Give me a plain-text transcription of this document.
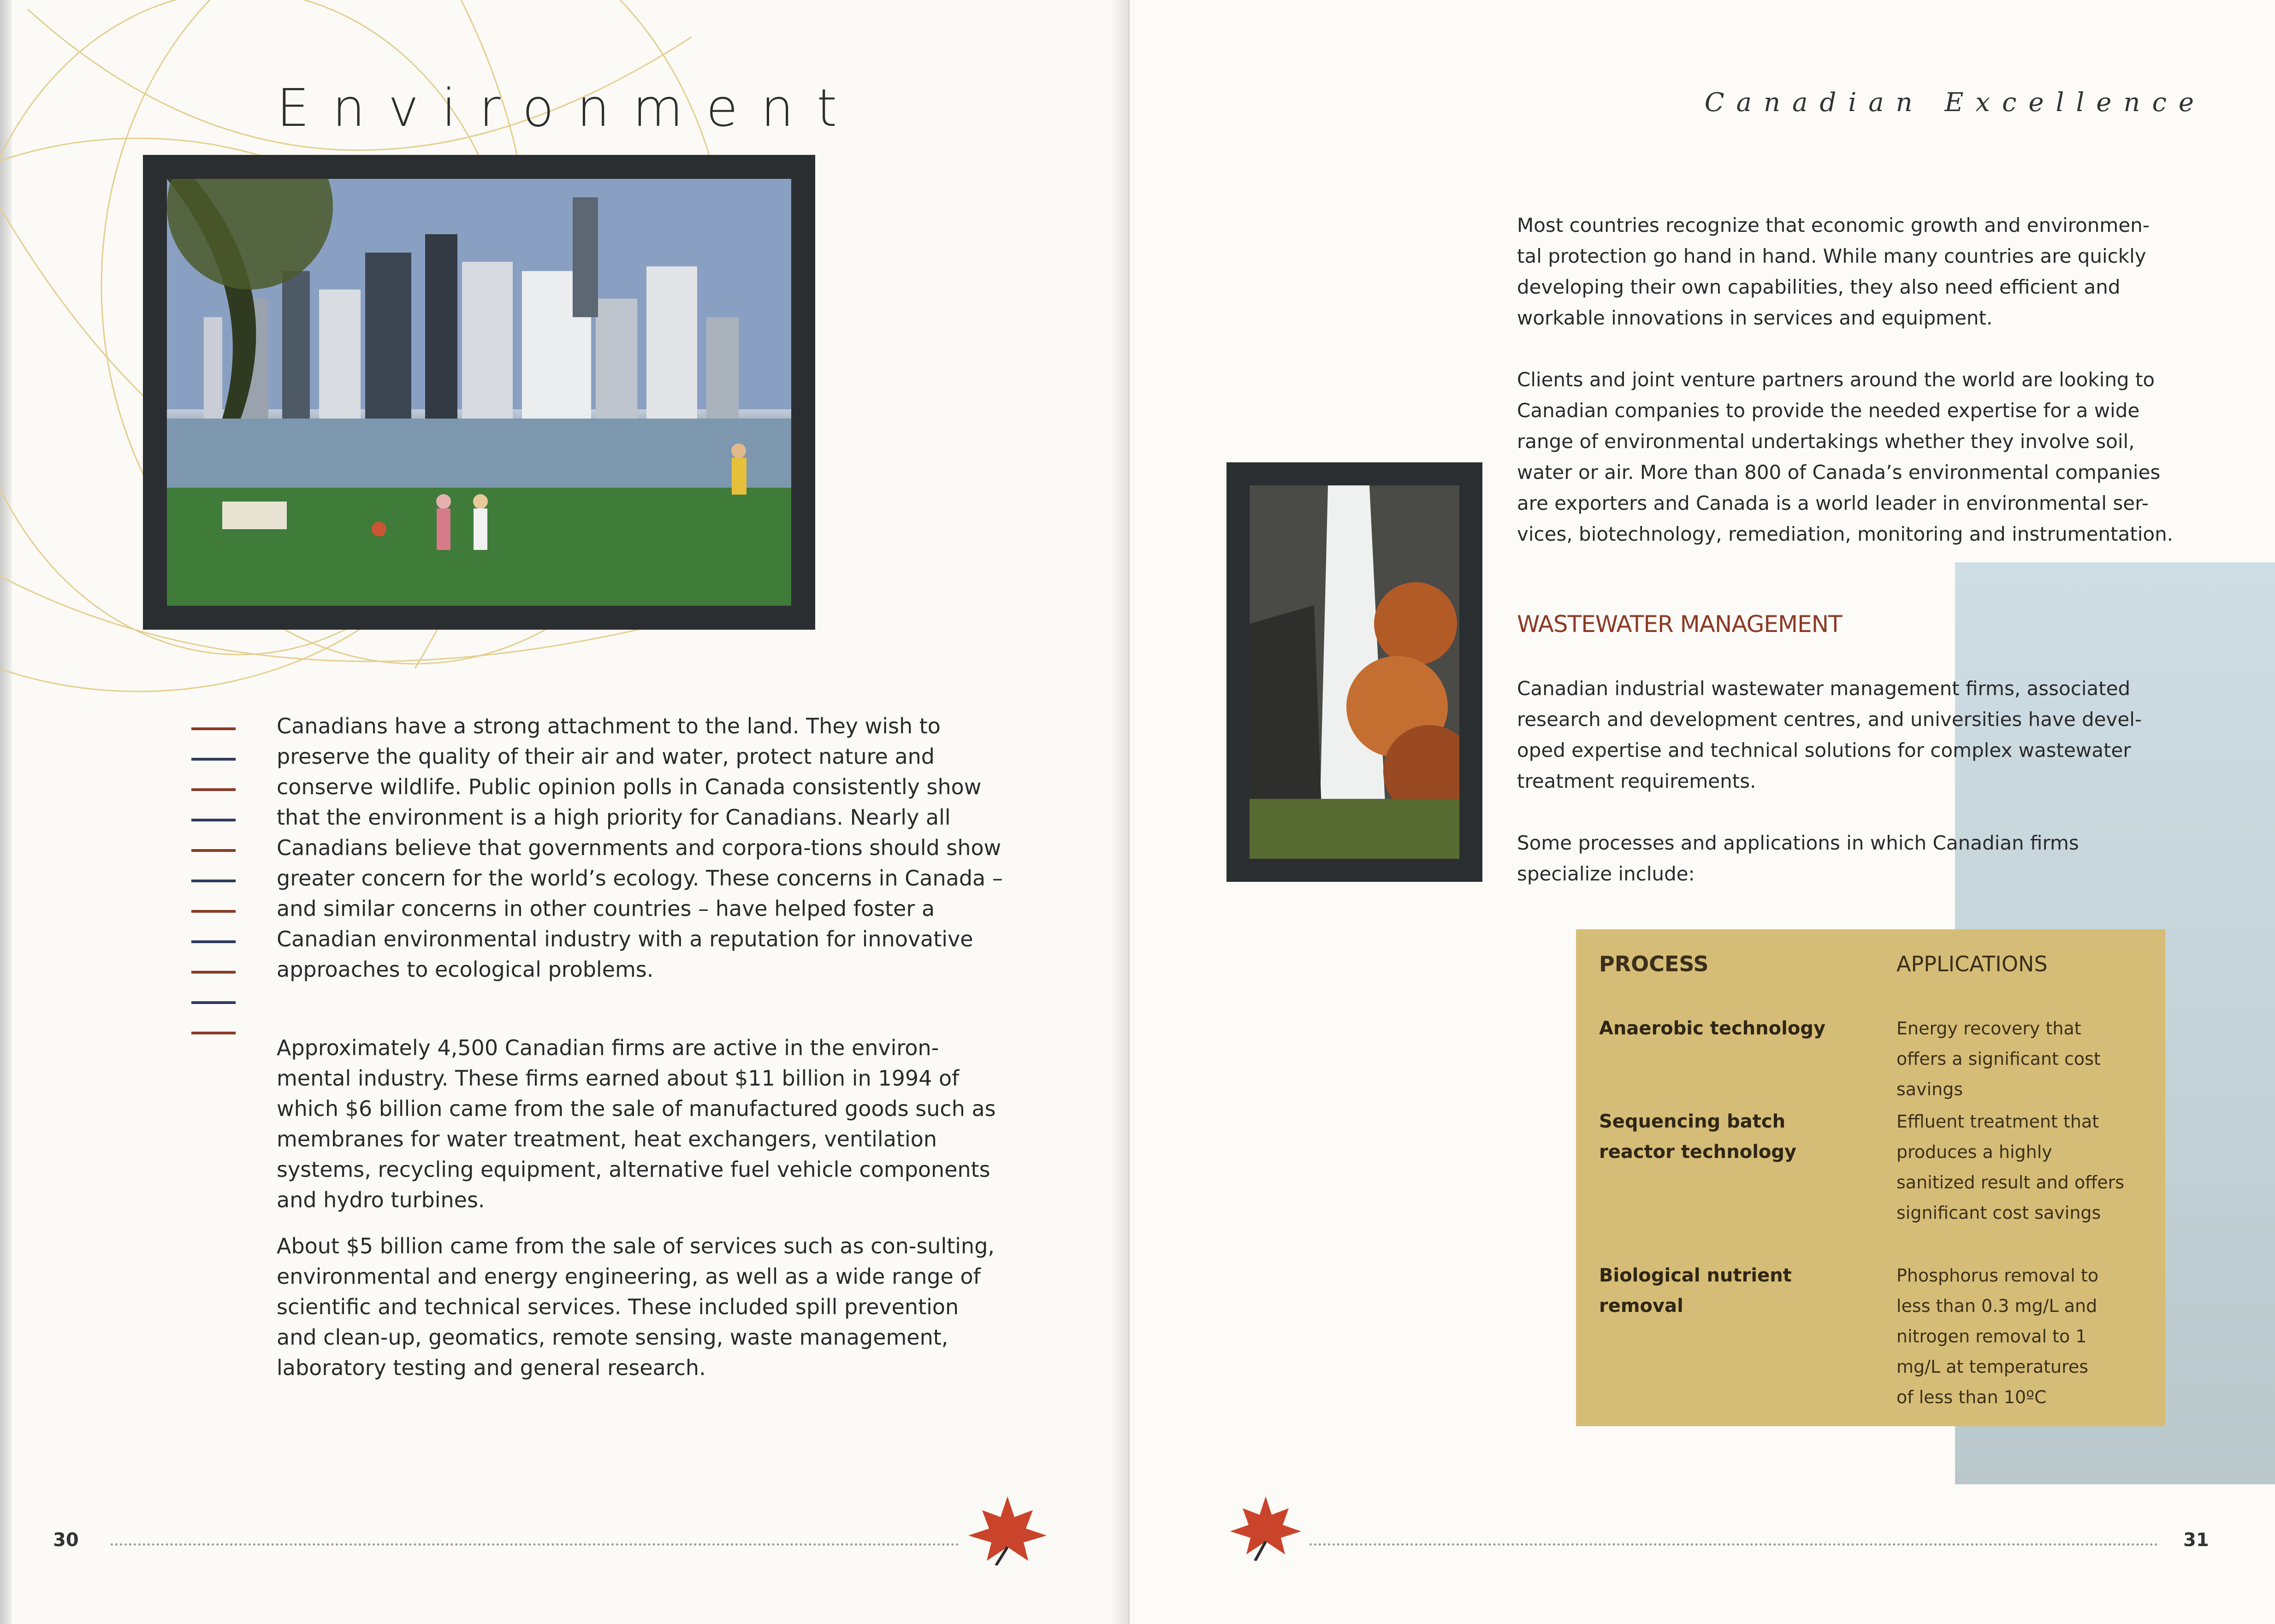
Environment

Canadians have a strong attachment to the land. They wish to preserve the quality of their air and water, protect nature and conserve wildlife. Public opinion polls in Canada consistently show that the environment is a high priority for Canadians. Nearly all Canadians believe that governments and corpora-tions should show greater concern for the world’s ecology. These concerns in Canada – and similar concerns in other countries – have helped foster a Canadian environmental industry with a reputation for innovative approaches to ecological problems.

Approximately 4,500 Canadian firms are active in the environ-mental industry. These firms earned about $11 billion in 1994 of which $6 billion came from the sale of manufactured goods such as membranes for water treatment, heat exchangers, ventilation systems, recycling equipment, alternative fuel vehicle components and hydro turbines.

About $5 billion came from the sale of services such as con-sulting, environmental and energy engineering, as well as a wide range of scientific and technical services. These included spill prevention and clean-up, geomatics, remote sensing, waste management, laboratory testing and general research.

30
Canadian Excellence

Most countries recognize that economic growth and environmen-tal protection go hand in hand. While many countries are quickly developing their own capabilities, they also need efficient and workable innovations in services and equipment.

Clients and joint venture partners around the world are looking to Canadian companies to provide the needed expertise for a wide range of environmental undertakings whether they involve soil, water or air. More than 800 of Canada’s environmental companies are exporters and Canada is a world leader in environmental ser-vices, biotechnology, remediation, monitoring and instrumentation.

WASTEWATER MANAGEMENT

Canadian industrial wastewater management firms, associated research and development centres, and universities have devel-oped expertise and technical solutions for complex wastewater treatment requirements.

Some processes and applications in which Canadian firms specialize include:

PROCESS	APPLICATIONS
Anaerobic technology	Energy recovery that offers a significant cost savings
Sequencing batch reactor technology
Effluent treatment that produces a highly sanitized result and offers significant cost savings
Biological nutrient removal
Phosphorus removal to less than 0.3 mg/L and nitrogen removal to 1 mg/L at temperatures of less than 10ºC
31
